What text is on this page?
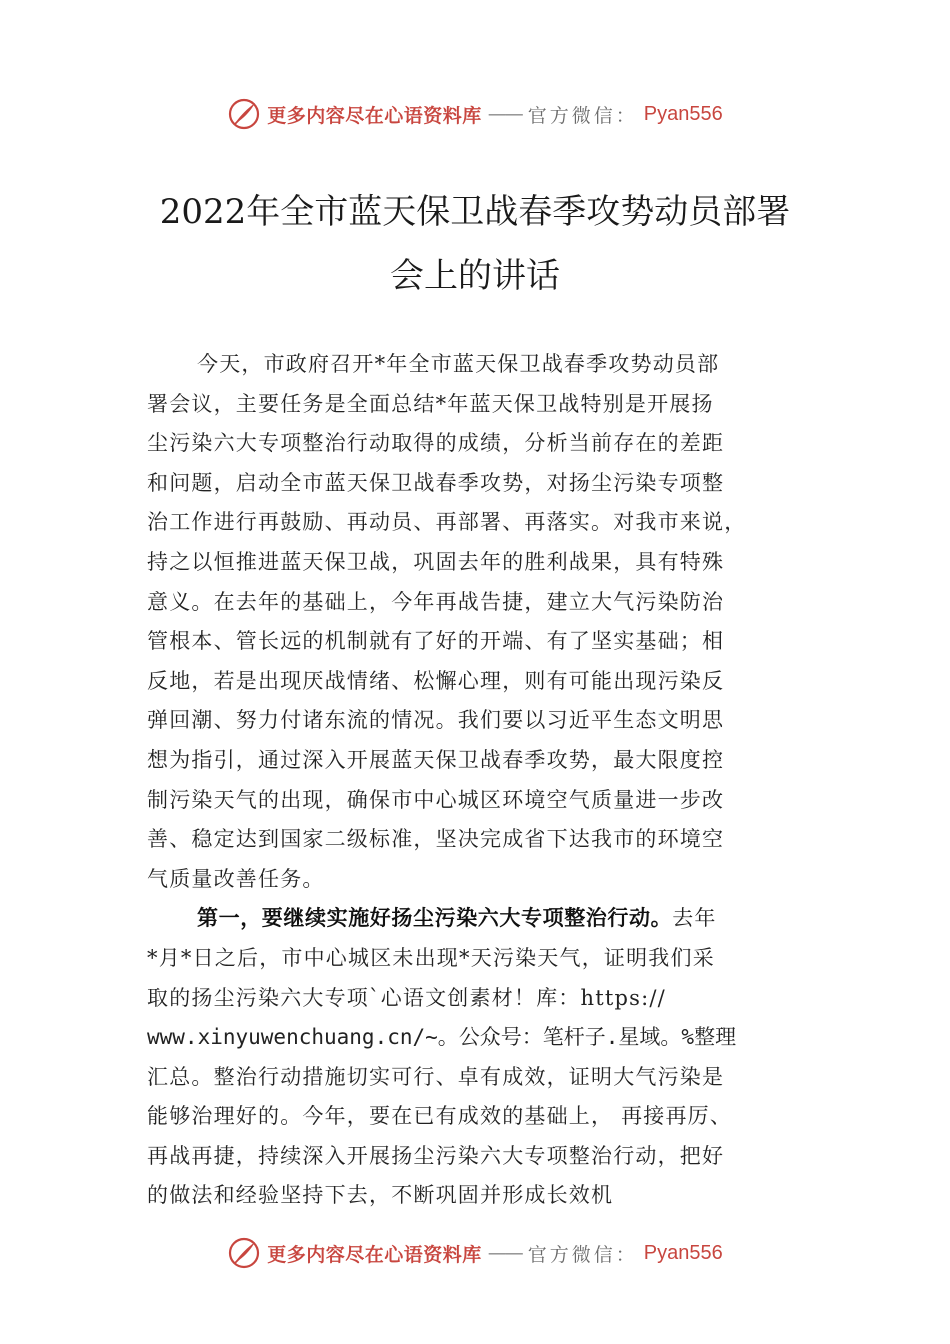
更多内容尽在心语资料库 —— 官方微信： Pyan556
2022年全市蓝天保卫战春季攻势动员部署
会上的讲话
今天，市政府召开*年全市蓝天保卫战春季攻势动员部
署会议，主要任务是全面总结*年蓝天保卫战特别是开展扬
尘污染六大专项整治行动取得的成绩，分析当前存在的差距
和问题，启动全市蓝天保卫战春季攻势，对扬尘污染专项整
治工作进行再鼓励、再动员、再部署、再落实。对我市来说，
持之以恒推进蓝天保卫战，巩固去年的胜利战果，具有特殊
意义。在去年的基础上，今年再战告捷，建立大气污染防治
管根本、管长远的机制就有了好的开端、有了坚实基础；相
反地，若是出现厌战情绪、松懈心理，则有可能出现污染反
弹回潮、努力付诸东流的情况。我们要以习近平生态文明思
想为指引，通过深入开展蓝天保卫战春季攻势，最大限度控
制污染天气的出现，确保市中心城区环境空气质量进一步改
善、稳定达到国家二级标准，坚决完成省下达我市的环境空
气质量改善任务。
第一，要继续实施好扬尘污染六大专项整治行动。去年
*月*日之后，市中心城区未出现*天污染天气，证明我们采
取的扬尘污染六大专项`心语文创素材！库：https://
www.xinyuwenchuang.cn/~。公众号：笔杆子.星域。%整理
汇总。整治行动措施切实可行、卓有成效，证明大气污染是
能够治理好的。今年，要在已有成效的基础上， 再接再厉、
再战再捷，持续深入开展扬尘污染六大专项整治行动，把好
的做法和经验坚持下去，不断巩固并形成长效机
更多内容尽在心语资料库 —— 官方微信： Pyan556
